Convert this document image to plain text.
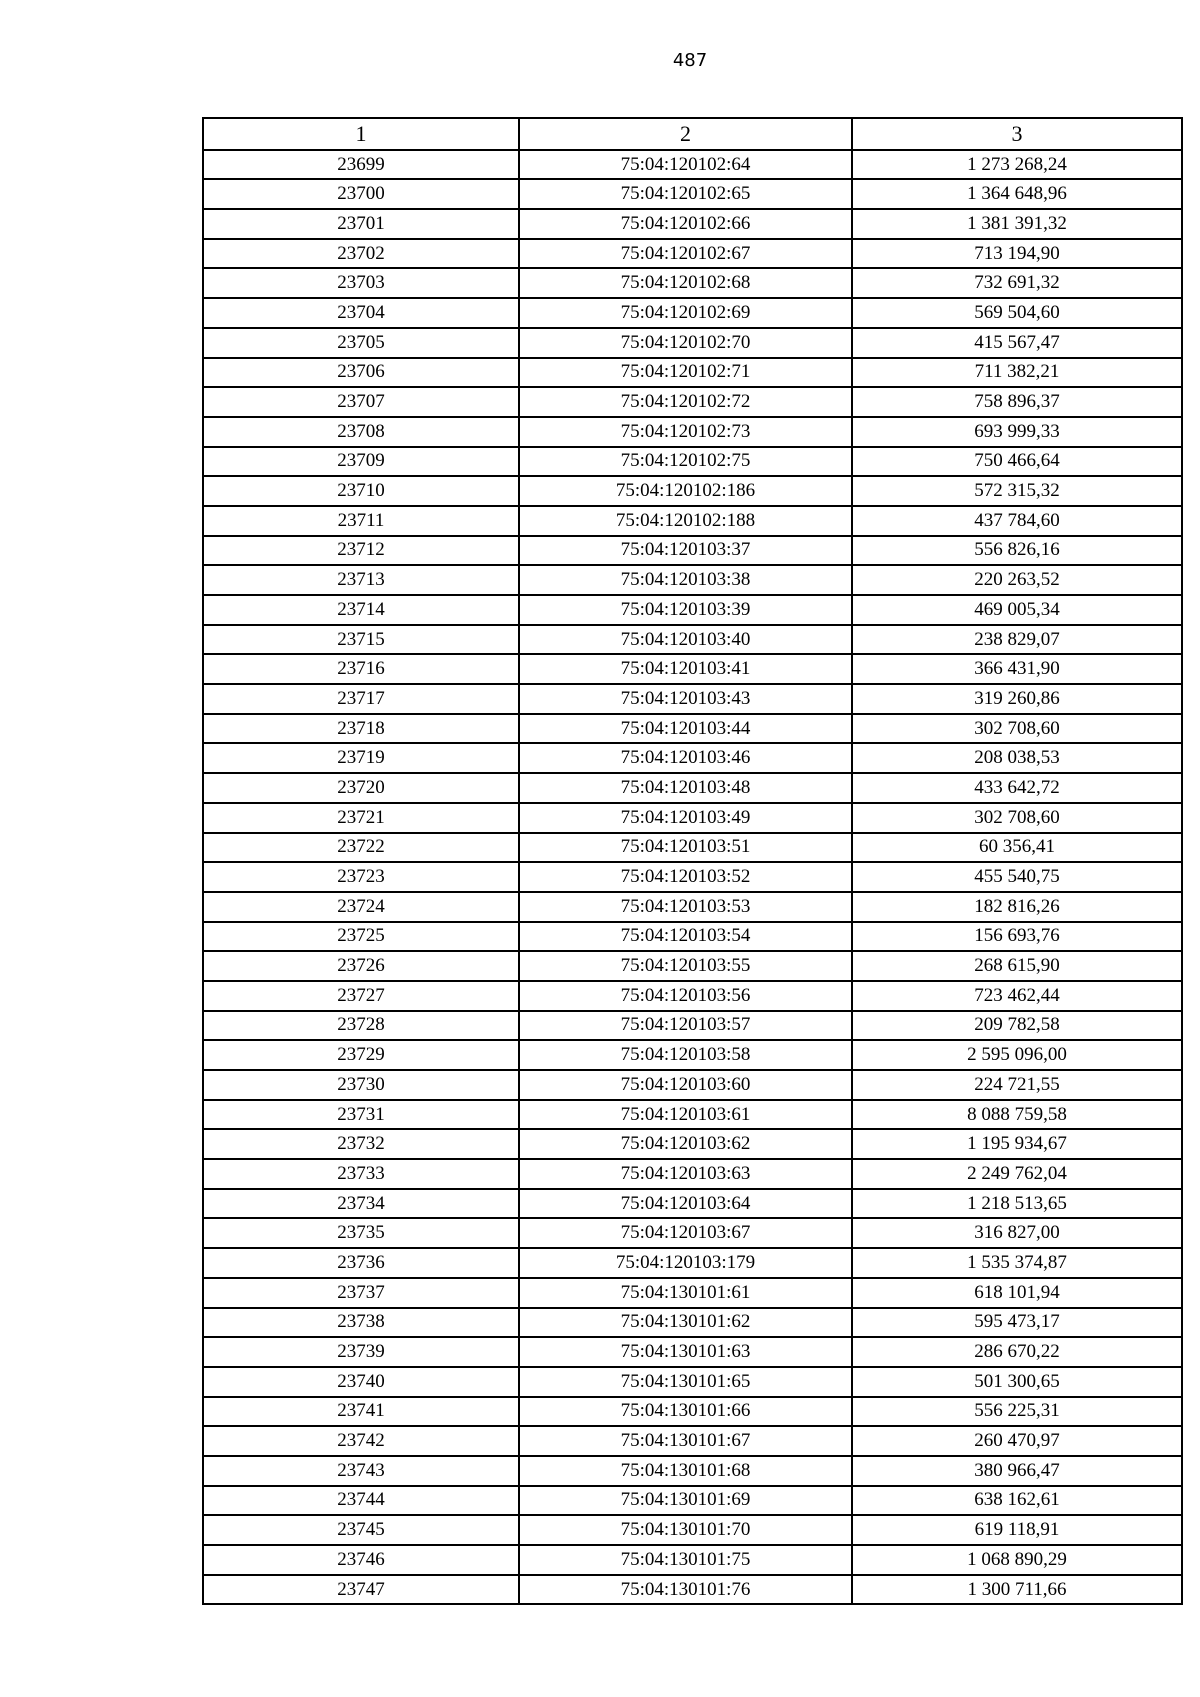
487
1	2	3
23699	75:04:120102:64	1 273 268,24
23700	75:04:120102:65	1 364 648,96
23701	75:04:120102:66	1 381 391,32
23702	75:04:120102:67	713 194,90
23703	75:04:120102:68	732 691,32
23704	75:04:120102:69	569 504,60
23705	75:04:120102:70	415 567,47
23706	75:04:120102:71	711 382,21
23707	75:04:120102:72	758 896,37
23708	75:04:120102:73	693 999,33
23709	75:04:120102:75	750 466,64
23710	75:04:120102:186	572 315,32
23711	75:04:120102:188	437 784,60
23712	75:04:120103:37	556 826,16
23713	75:04:120103:38	220 263,52
23714	75:04:120103:39	469 005,34
23715	75:04:120103:40	238 829,07
23716	75:04:120103:41	366 431,90
23717	75:04:120103:43	319 260,86
23718	75:04:120103:44	302 708,60
23719	75:04:120103:46	208 038,53
23720	75:04:120103:48	433 642,72
23721	75:04:120103:49	302 708,60
23722	75:04:120103:51	60 356,41
23723	75:04:120103:52	455 540,75
23724	75:04:120103:53	182 816,26
23725	75:04:120103:54	156 693,76
23726	75:04:120103:55	268 615,90
23727	75:04:120103:56	723 462,44
23728	75:04:120103:57	209 782,58
23729	75:04:120103:58	2 595 096,00
23730	75:04:120103:60	224 721,55
23731	75:04:120103:61	8 088 759,58
23732	75:04:120103:62	1 195 934,67
23733	75:04:120103:63	2 249 762,04
23734	75:04:120103:64	1 218 513,65
23735	75:04:120103:67	316 827,00
23736	75:04:120103:179	1 535 374,87
23737	75:04:130101:61	618 101,94
23738	75:04:130101:62	595 473,17
23739	75:04:130101:63	286 670,22
23740	75:04:130101:65	501 300,65
23741	75:04:130101:66	556 225,31
23742	75:04:130101:67	260 470,97
23743	75:04:130101:68	380 966,47
23744	75:04:130101:69	638 162,61
23745	75:04:130101:70	619 118,91
23746	75:04:130101:75	1 068 890,29
23747	75:04:130101:76	1 300 711,66
